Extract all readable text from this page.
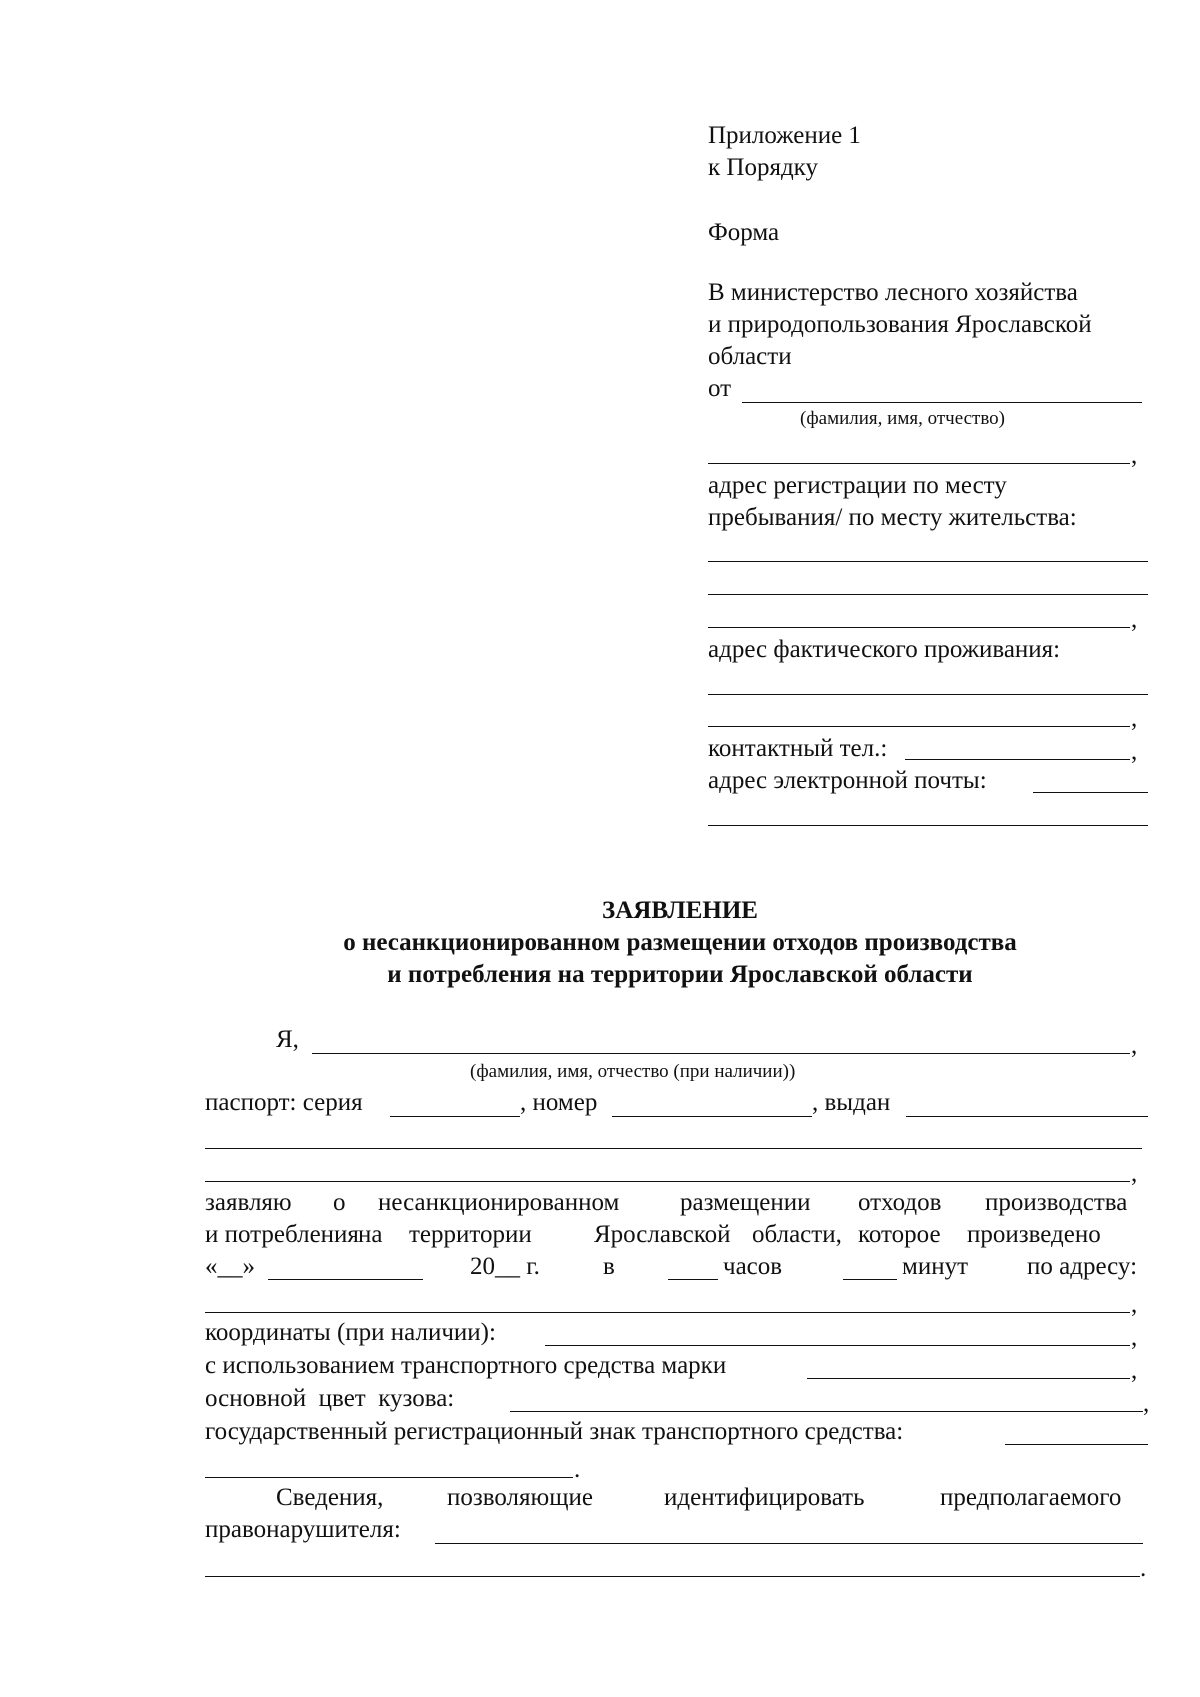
Приложение 1
к Порядку
Форма
В министерство лесного хозяйства
и природопользования Ярославской
области
от
(фамилия, имя, отчество)
,
адрес регистрации по месту
пребывания/ по месту жительства:
,
адрес фактического проживания:
,
контактный тел.:	,
адрес электронной почты:
ЗАЯВЛЕНИЕ
о несанкционированном размещении отходов производства
и потребления на территории Ярославской области
Я,	,
(фамилия, имя, отчество (при наличии))
паспорт: серия	, номер	, выдан
,
заявляю о несанкционированном размещении отходов производства
и потребления на территории Ярославской области, которое произведено
«__»	20__ г.	в	часов	минут по адресу:
,
координаты (при наличии):	,
с использованием транспортного средства марки	,
основной  цвет  кузова:	,
государственный регистрационный знак транспортного средства:
.
Сведения,	позволяющие	идентифицировать	предполагаемого
правонарушителя:
.
